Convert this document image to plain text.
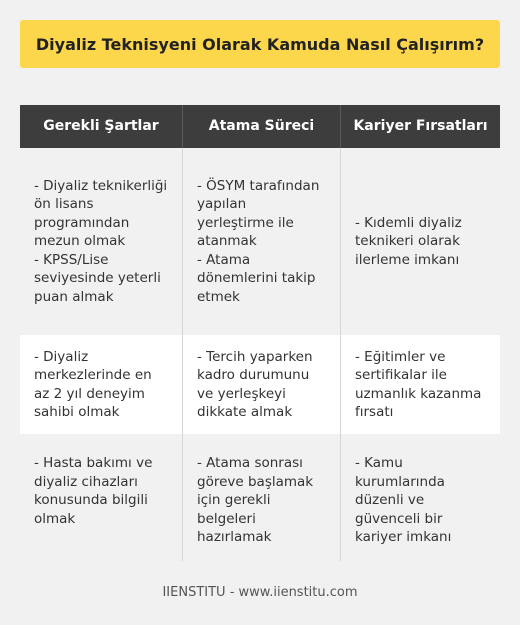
Diyaliz Teknisyeni Olarak Kamuda Nasıl Çalışırım?
Gerekli Şartlar	Atama Süreci	Kariyer Fırsatları
- Diyaliz teknikerliği ön lisans programından mezun olmak
- KPSS/Lise seviyesinde yeterli puan almak
- ÖSYM tarafından yapılan yerleştirme ile atanmak
- Atama dönemlerini takip etmek
- Kıdemli diyaliz teknikeri olarak ilerleme imkanı
- Diyaliz merkezlerinde en az 2 yıl deneyim sahibi olmak
- Tercih yaparken kadro durumunu ve yerleşkeyi dikkate almak
- Eğitimler ve sertifikalar ile uzmanlık kazanma fırsatı
- Hasta bakımı ve diyaliz cihazları konusunda bilgili olmak
- Atama sonrası göreve başlamak için gerekli belgeleri hazırlamak
- Kamu kurumlarında düzenli ve güvenceli bir kariyer imkanı
IIENSTITU - www.iienstitu.com
